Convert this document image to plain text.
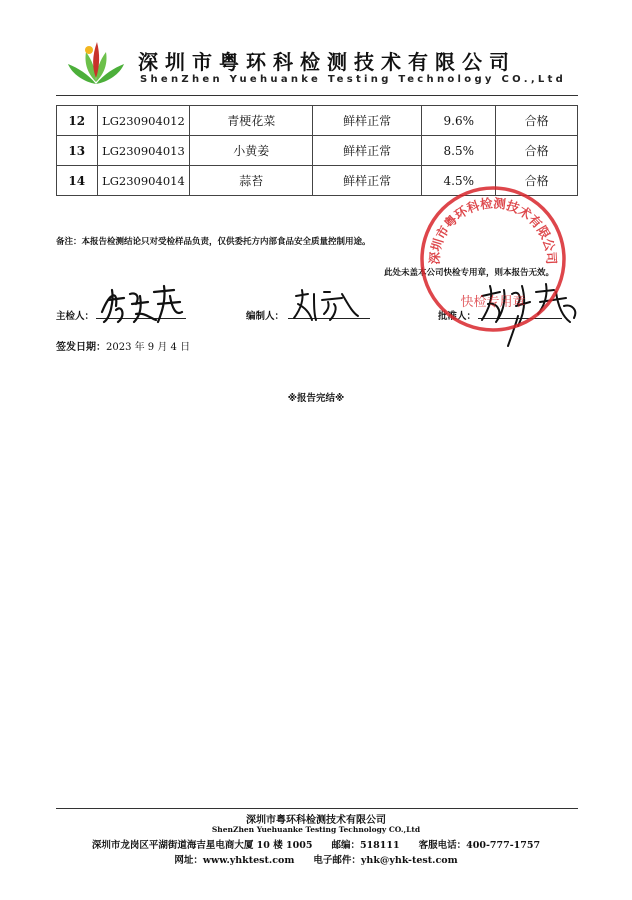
深圳市粤环科检测技术有限公司
ShenZhen Yuehuanke Testing Technology CO.,Ltd
12	LG230904012	青梗花菜	鲜样正常	9.6%	合格
13	LG230904013	小黄姜	鲜样正常	8.5%	合格
14	LG230904014	蒜苔	鲜样正常	4.5%	合格
备注：本报告检测结论只对受检样品负责，仅供委托方内部食品安全质量控制用途。
此处未盖本公司快检专用章，则本报告无效。
主检人：	编制人：	批准人：
深圳市粤环科检测技术有限公司
快检专用章
签发日期：2023 年 9 月 4 日
※报告完结※
深圳市粤环科检测技术有限公司
ShenZhen Yuehuanke Testing Technology CO.,Ltd
深圳市龙岗区平湖街道海吉星电商大厦 10 楼 1005　　邮编：518111　　客服电话：400-777-1757
网址：www.yhktest.com　　电子邮件：yhk@yhk-test.com
